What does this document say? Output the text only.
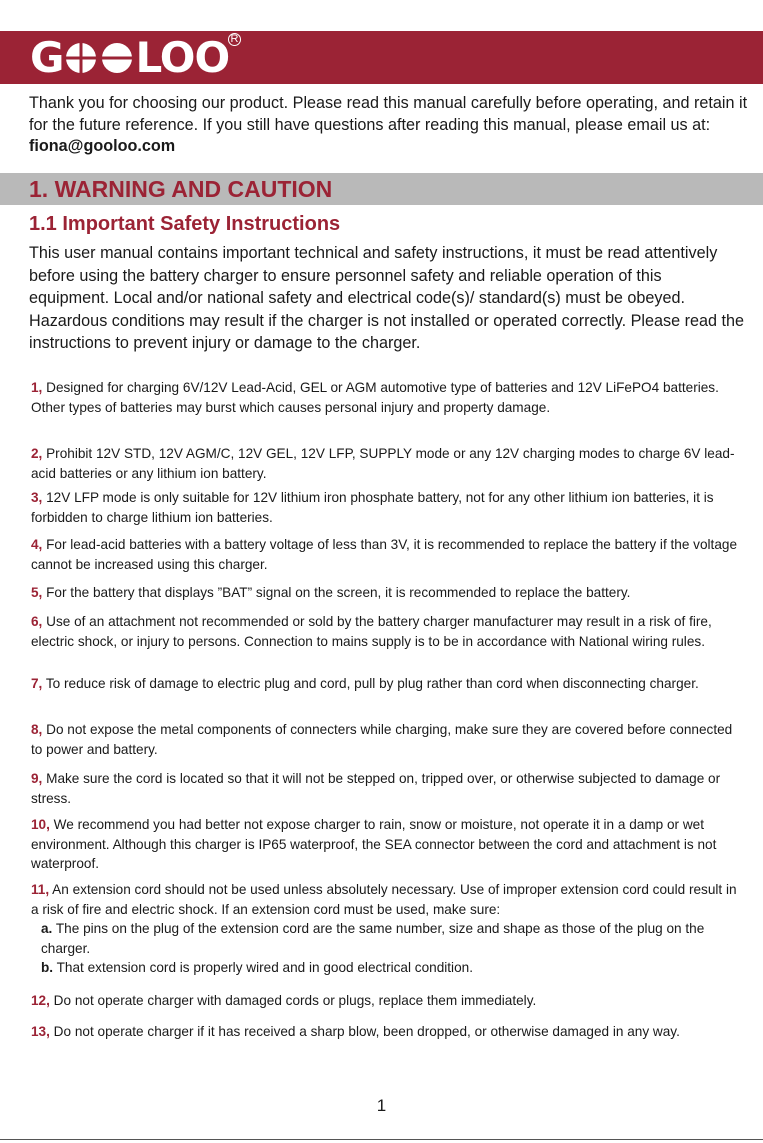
G LOO R
Thank you for choosing our product. Please read this manual carefully before operating, and retain it for the future reference. If you still have questions after reading this manual, please email us at: fiona@gooloo.com
1. WARNING AND CAUTION
1.1 Important Safety Instructions
This user manual contains important technical and safety instructions, it must be read attentively before using the battery charger to ensure personnel safety and reliable operation of this equipment. Local and/or national safety and electrical code(s)/ standard(s) must be obeyed. Hazardous conditions may result if the charger is not installed or operated correctly. Please read the instructions to prevent injury or damage to the charger.
1, Designed for charging 6V/12V Lead-Acid, GEL or AGM automotive type of batteries and 12V LiFePO4 batteries. Other types of batteries may burst which causes personal injury and property damage.
2, Prohibit 12V STD, 12V AGM/C, 12V GEL, 12V LFP, SUPPLY mode or any 12V charging modes to charge 6V lead-acid batteries or any lithium ion battery.
3, 12V LFP mode is only suitable for 12V lithium iron phosphate battery, not for any other lithium ion batteries, it is forbidden to charge lithium ion batteries.
4, For lead-acid batteries with a battery voltage of less than 3V, it is recommended to replace the battery if the voltage cannot be increased using this charger.
5, For the battery that displays ”BAT” signal on the screen, it is recommended to replace the battery.
6, Use of an attachment not recommended or sold by the battery charger manufacturer may result in a risk of fire, electric shock, or injury to persons. Connection to mains supply is to be in accordance with National wiring rules.
7, To reduce risk of damage to electric plug and cord, pull by plug rather than cord when disconnecting charger.
8, Do not expose the metal components of connecters while charging, make sure they are covered before connected to power and battery.
9, Make sure the cord is located so that it will not be stepped on, tripped over, or otherwise subjected to damage or stress.
10, We recommend you had better not expose charger to rain, snow or moisture, not operate it in a damp or wet environment. Although this charger is IP65 waterproof, the SEA connector between the cord and attachment is not waterproof.
11, An extension cord should not be used unless absolutely necessary. Use of improper extension cord could result in a risk of fire and electric shock. If an extension cord must be used, make sure:
a. The pins on the plug of the extension cord are the same number, size and shape as those of the plug on the charger.
b. That extension cord is properly wired and in good electrical condition.
12, Do not operate charger with damaged cords or plugs, replace them immediately.
13, Do not operate charger if it has received a sharp blow, been dropped, or otherwise damaged in any way.
1
